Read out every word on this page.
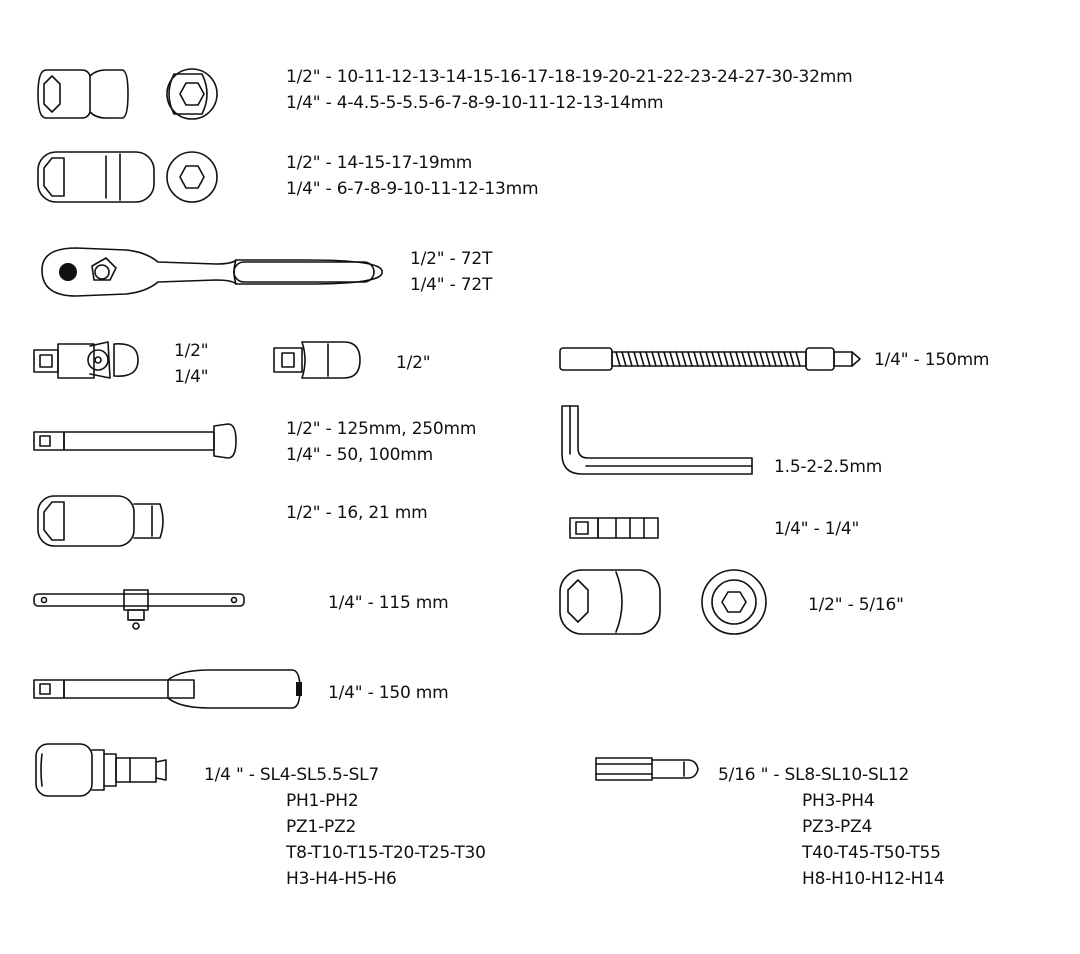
1/2" - 10-11-12-13-14-15-16-17-18-19-20-21-22-23-24-27-30-32mm
1/4" - 4-4.5-5-5.5-6-7-8-9-10-11-12-13-14mm
1/2" - 14-15-17-19mm
1/4" - 6-7-8-9-10-11-12-13mm
1/2" - 72T
1/4" - 72T
1/2"
1/4"
1/2"	1/4" - 150mm
1/2" - 125mm, 250mm
1/4" - 50, 100mm
1.5-2-2.5mm
1/2" - 16, 21 mm
1/4" - 1/4"
1/4" - 115 mm	1/2" - 5/16"
1/4" - 150 mm
1/4 " - SL4-SL5.5-SL7
PH1-PH2
PZ1-PZ2
T8-T10-T15-T20-T25-T30
H3-H4-H5-H6
5/16 " - SL8-SL10-SL12
PH3-PH4
PZ3-PZ4
T40-T45-T50-T55
H8-H10-H12-H14
